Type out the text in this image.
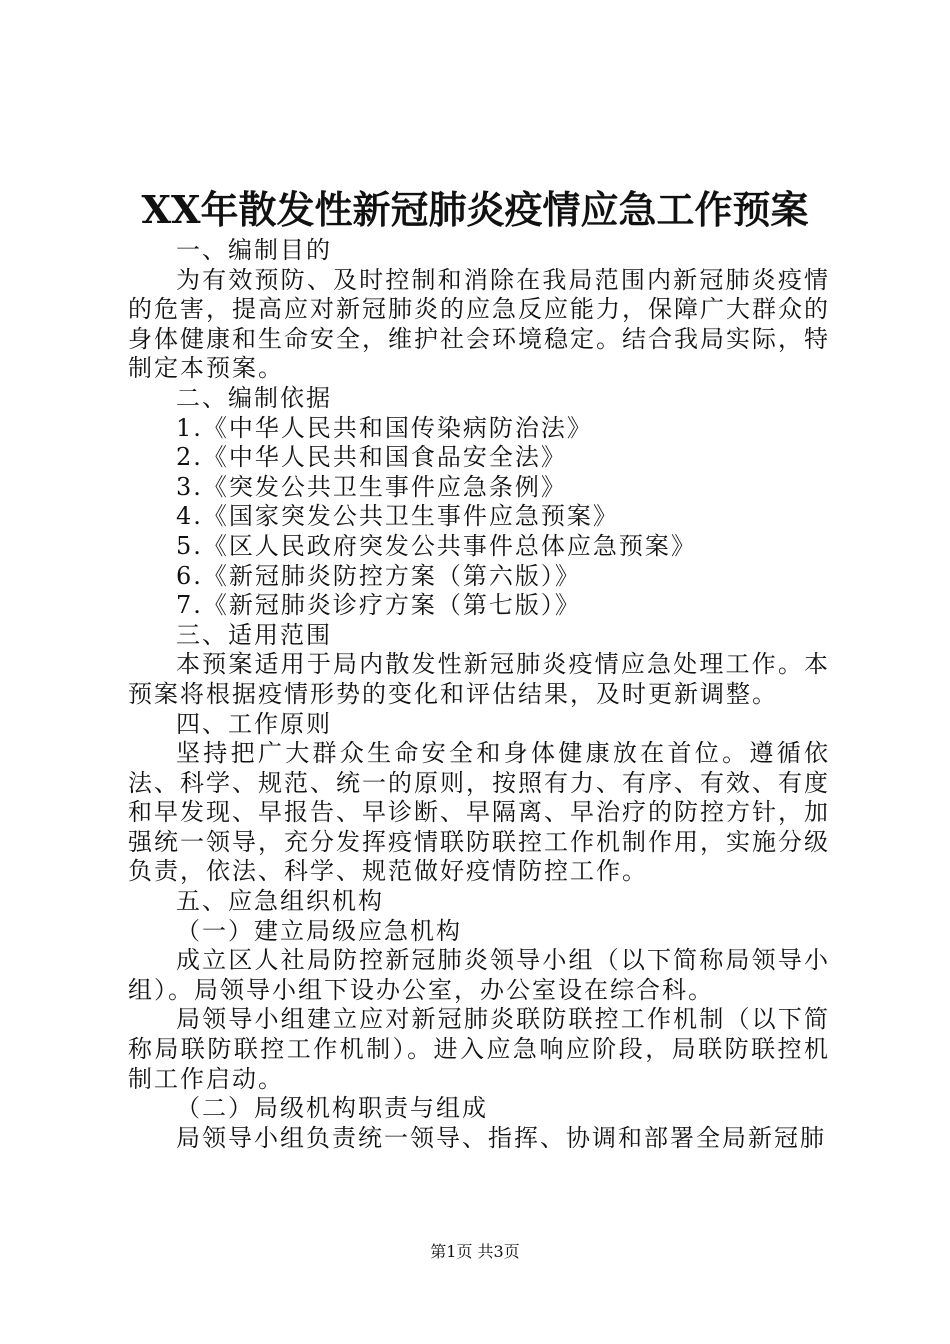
XX年散发性新冠肺炎疫情应急工作预案

一、编制目的

为有效预防、及时控制和消除在我局范围内新冠肺炎疫情的危害，提高应对新冠肺炎的应急反应能力，保障广大群众的身体健康和生命安全，维护社会环境稳定。结合我局实际，特制定本预案。

二、编制依据

1.《中华人民共和国传染病防治法》

2.《中华人民共和国食品安全法》

3.《突发公共卫生事件应急条例》

4.《国家突发公共卫生事件应急预案》

5.《区人民政府突发公共事件总体应急预案》

6.《新冠肺炎防控方案（第六版）》

7.《新冠肺炎诊疗方案（第七版）》

三、适用范围

本预案适用于局内散发性新冠肺炎疫情应急处理工作。本预案将根据疫情形势的变化和评估结果，及时更新调整。

四、工作原则

坚持把广大群众生命安全和身体健康放在首位。遵循依法、科学、规范、统一的原则，按照有力、有序、有效、有度和早发现、早报告、早诊断、早隔离、早治疗的防控方针，加强统一领导，充分发挥疫情联防联控工作机制作用，实施分级负责，依法、科学、规范做好疫情防控工作。

五、应急组织机构

（一）建立局级应急机构

成立区人社局防控新冠肺炎领导小组（以下简称局领导小组）。局领导小组下设办公室，办公室设在综合科。

局领导小组建立应对新冠肺炎联防联控工作机制（以下简称局联防联控工作机制）。进入应急响应阶段，局联防联控机制工作启动。

（二）局级机构职责与组成

局领导小组负责统一领导、指挥、协调和部署全局新冠肺

第1页 共3页
